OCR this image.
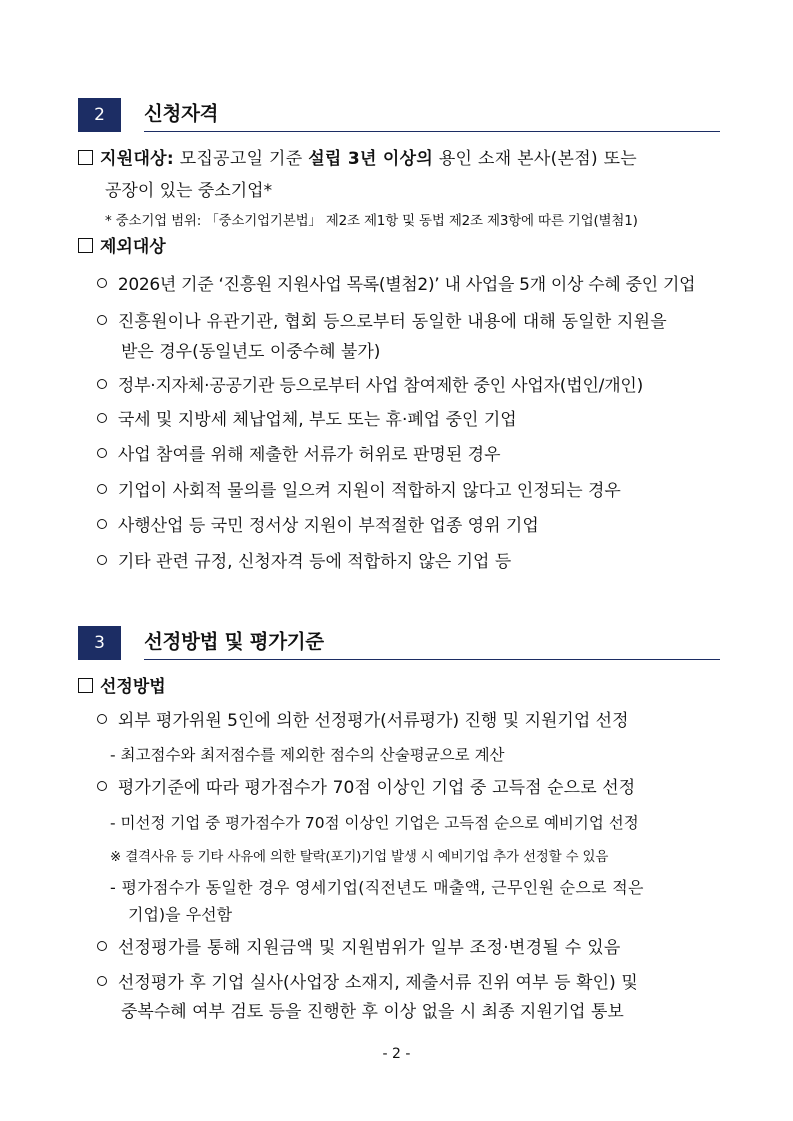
2	신청자격
지원대상: 모집공고일 기준 설립 3년 이상의 용인 소재 본사(본점) 또는
공장이 있는 중소기업*
* 중소기업 범위: 「중소기업기본법」 제2조 제1항 및 동법 제2조 제3항에 따른 기업(별첨1)
제외대상
2026년 기준 ‘진흥원 지원사업 목록(별첨2)’ 내 사업을 5개 이상 수혜 중인 기업
진흥원이나 유관기관, 협회 등으로부터 동일한 내용에 대해 동일한 지원을
받은 경우(동일년도 이중수혜 불가)
정부·지자체·공공기관 등으로부터 사업 참여제한 중인 사업자(법인/개인)
국세 및 지방세 체납업체, 부도 또는 휴·폐업 중인 기업
사업 참여를 위해 제출한 서류가 허위로 판명된 경우
기업이 사회적 물의를 일으켜 지원이 적합하지 않다고 인정되는 경우
사행산업 등 국민 정서상 지원이 부적절한 업종 영위 기업
기타 관련 규정, 신청자격 등에 적합하지 않은 기업 등
3	선정방법 및 평가기준
선정방법
외부 평가위원 5인에 의한 선정평가(서류평가) 진행 및 지원기업 선정
- 최고점수와 최저점수를 제외한 점수의 산술평균으로 계산
평가기준에 따라 평가점수가 70점 이상인 기업 중 고득점 순으로 선정
- 미선정 기업 중 평가점수가 70점 이상인 기업은 고득점 순으로 예비기업 선정
※ 결격사유 등 기타 사유에 의한 탈락(포기)기업 발생 시 예비기업 추가 선정할 수 있음
- 평가점수가 동일한 경우 영세기업(직전년도 매출액, 근무인원 순으로 적은
기업)을 우선함
선정평가를 통해 지원금액 및 지원범위가 일부 조정·변경될 수 있음
선정평가 후 기업 실사(사업장 소재지, 제출서류 진위 여부 등 확인) 및
중복수혜 여부 검토 등을 진행한 후 이상 없을 시 최종 지원기업 통보
- 2 -
